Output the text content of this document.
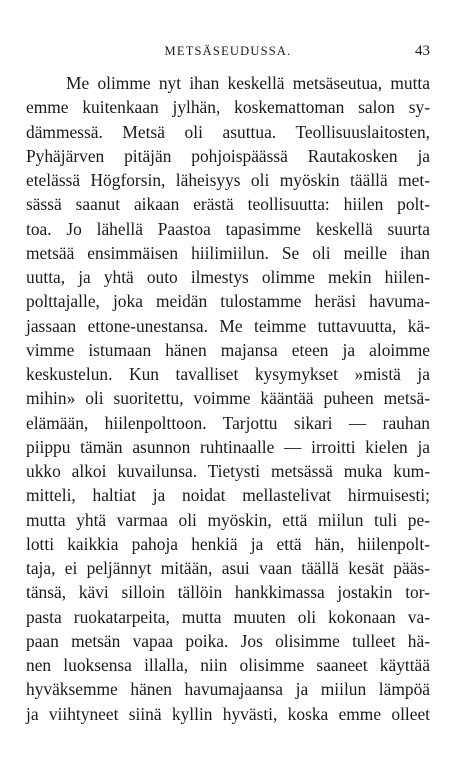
METSÄSEUDUSSA.	43
Me olimme nyt ihan keskellä metsäseutua, mutta
emme kuitenkaan jylhän, koskemattoman salon sy-
dämmessä. Metsä oli asuttua. Teollisuuslaitosten,
Pyhäjärven pitäjän pohjoispäässä Rautakosken ja
etelässä Högforsin, läheisyys oli myöskin täällä met-
sässä saanut aikaan erästä teollisuutta: hiilen polt-
toa. Jo lähellä Paastoa tapasimme keskellä suurta
metsää ensimmäisen hiilimiilun. Se oli meille ihan
uutta, ja yhtä outo ilmestys olimme mekin hiilen-
polttajalle, joka meidän tulostamme heräsi havuma-
jassaan ettone-unestansa. Me teimme tuttavuutta, kä-
vimme istumaan hänen majansa eteen ja aloimme
keskustelun. Kun tavalliset kysymykset »mistä ja
mihin» oli suoritettu, voimme kääntää puheen metsä-
elämään, hiilenpolttoon. Tarjottu sikari — rauhan
piippu tämän asunnon ruhtinaalle — irroitti kielen ja
ukko alkoi kuvailunsa. Tietysti metsässä muka kum-
mitteli, haltiat ja noidat mellastelivat hirmuisesti;
mutta yhtä varmaa oli myöskin, että miilun tuli pe-
lotti kaikkia pahoja henkiä ja että hän, hiilenpolt-
taja, ei peljännyt mitään, asui vaan täällä kesät pääs-
tänsä, kävi silloin tällöin hankkimassa jostakin tor-
pasta ruokatarpeita, mutta muuten oli kokonaan va-
paan metsän vapaa poika. Jos olisimme tulleet hä-
nen luoksensa illalla, niin olisimme saaneet käyttää
hyväksemme hänen havumajaansa ja miilun lämpöä
ja viihtyneet siinä kyllin hyvästi, koska emme olleet
